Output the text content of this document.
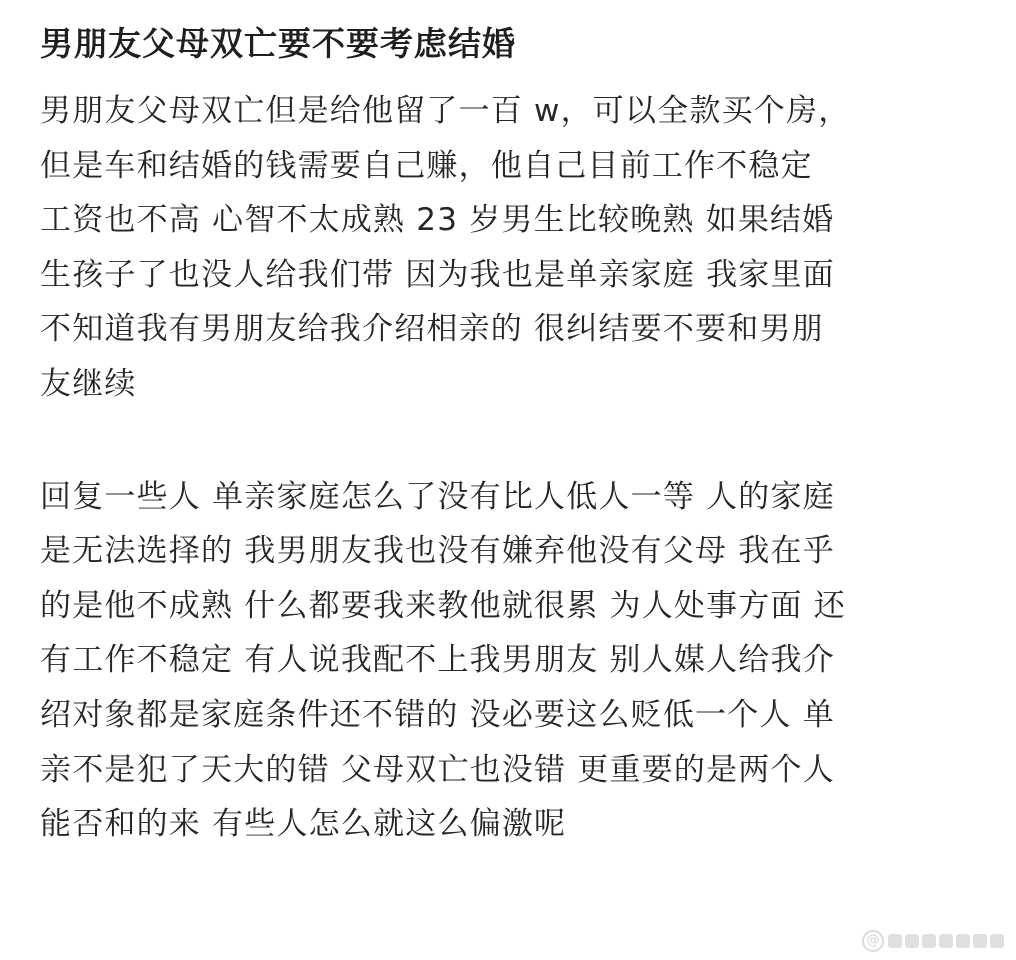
男朋友父母双亡要不要考虑结婚

男朋友父母双亡但是给他留了一百 w，可以全款买个房，
但是车和结婚的钱需要自己赚，他自己目前工作不稳定
工资也不高 心智不太成熟 23 岁男生比较晚熟 如果结婚
生孩子了也没人给我们带 因为我也是单亲家庭 我家里面
不知道我有男朋友给我介绍相亲的 很纠结要不要和男朋
友继续

回复一些人 单亲家庭怎么了没有比人低人一等 人的家庭
是无法选择的 我男朋友我也没有嫌弃他没有父母 我在乎
的是他不成熟 什么都要我来教他就很累 为人处事方面 还
有工作不稳定 有人说我配不上我男朋友 别人媒人给我介
绍对象都是家庭条件还不错的 没必要这么贬低一个人 单
亲不是犯了天大的错 父母双亡也没错 更重要的是两个人
能否和的来 有些人怎么就这么偏激呢

@
